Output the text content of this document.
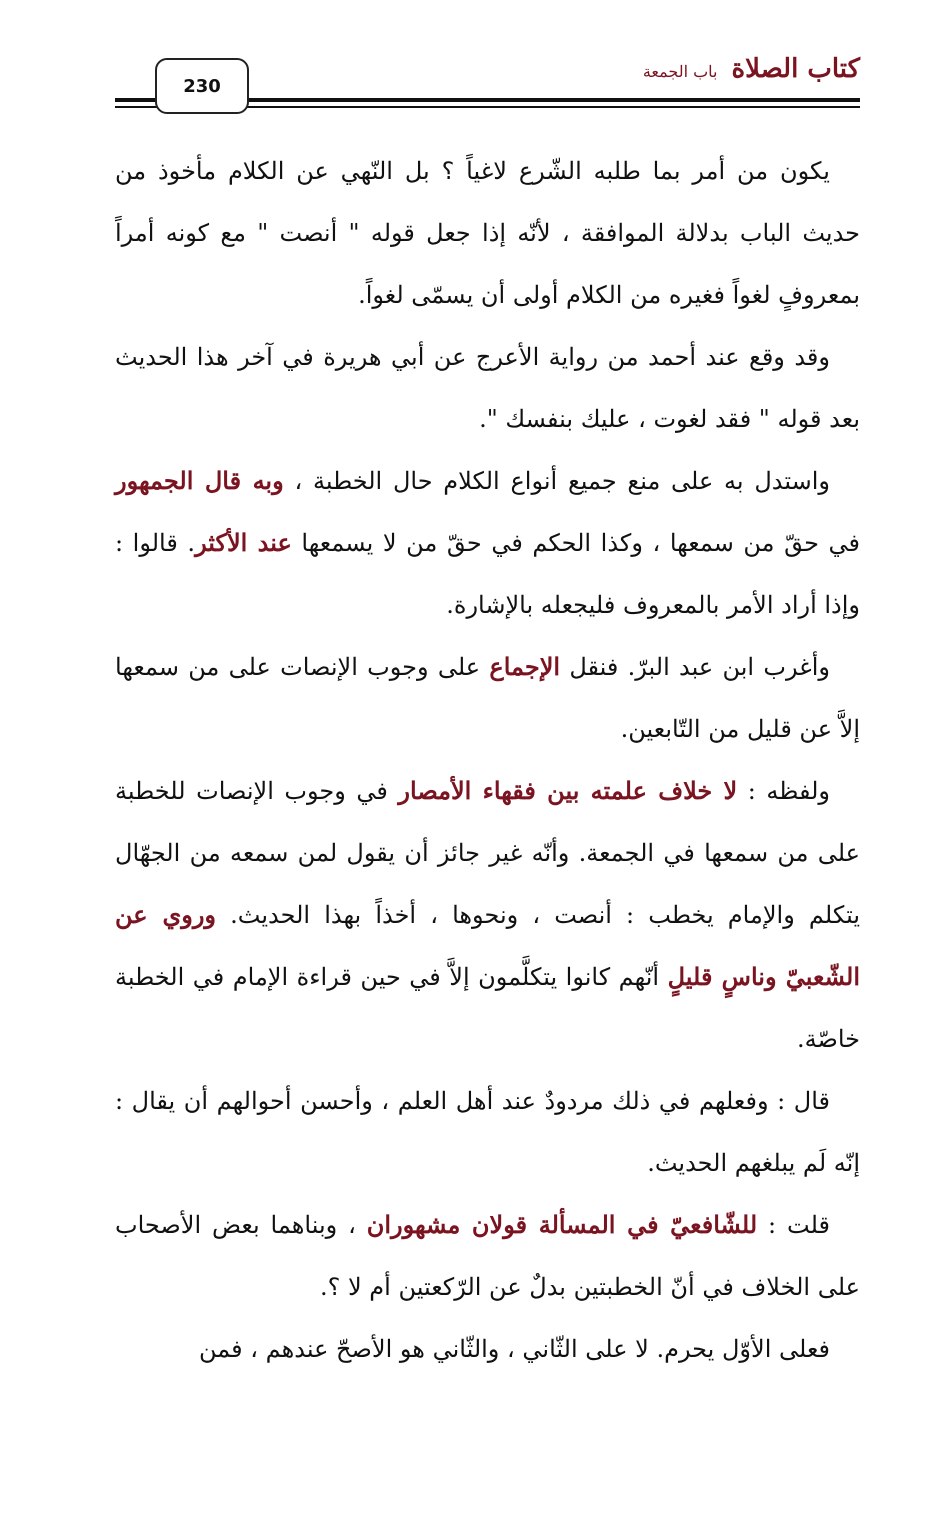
230
كتاب الصلاة
باب الجمعة

يكون من أمر بما طلبه الشّرع لاغياً ؟ بل النّهي عن الكلام مأخوذ من حديث الباب بدلالة الموافقة ، لأنّه إذا جعل قوله " أنصت " مع كونه أمراً بمعروفٍ لغواً فغيره من الكلام أولى أن يسمّى لغواً.

وقد وقع عند أحمد من رواية الأعرج عن أبي هريرة في آخر هذا الحديث بعد قوله " فقد لغوت ، عليك بنفسك ".

واستدل به على منع جميع أنواع الكلام حال الخطبة ، وبه قال الجمهور في حقّ من سمعها ، وكذا الحكم في حقّ من لا يسمعها عند الأكثر. قالوا : وإذا أراد الأمر بالمعروف فليجعله بالإشارة.

وأغرب ابن عبد البرّ. فنقل الإجماع على وجوب الإنصات على من سمعها إلاَّ عن قليل من التّابعين.

ولفظه : لا خلاف علمته بين فقهاء الأمصار في وجوب الإنصات للخطبة على من سمعها في الجمعة. وأنّه غير جائز أن يقول لمن سمعه من الجهّال يتكلم والإمام يخطب : أنصت ، ونحوها ، أخذاً بهذا الحديث. وروي عن الشّعبيّ وناسٍ قليلٍ أنّهم كانوا يتكلَّمون إلاَّ في حين قراءة الإمام في الخطبة خاصّة.

قال : وفعلهم في ذلك مردودٌ عند أهل العلم ، وأحسن أحوالهم أن يقال : إنّه لَم يبلغهم الحديث.

قلت : للشّافعيّ في المسألة قولان مشهوران ، وبناهما بعض الأصحاب على الخلاف في أنّ الخطبتين بدلٌ عن الرّكعتين أم لا ؟.

فعلى الأوّل يحرم. لا على الثّاني ، والثّاني هو الأصحّ عندهم ، فمن
